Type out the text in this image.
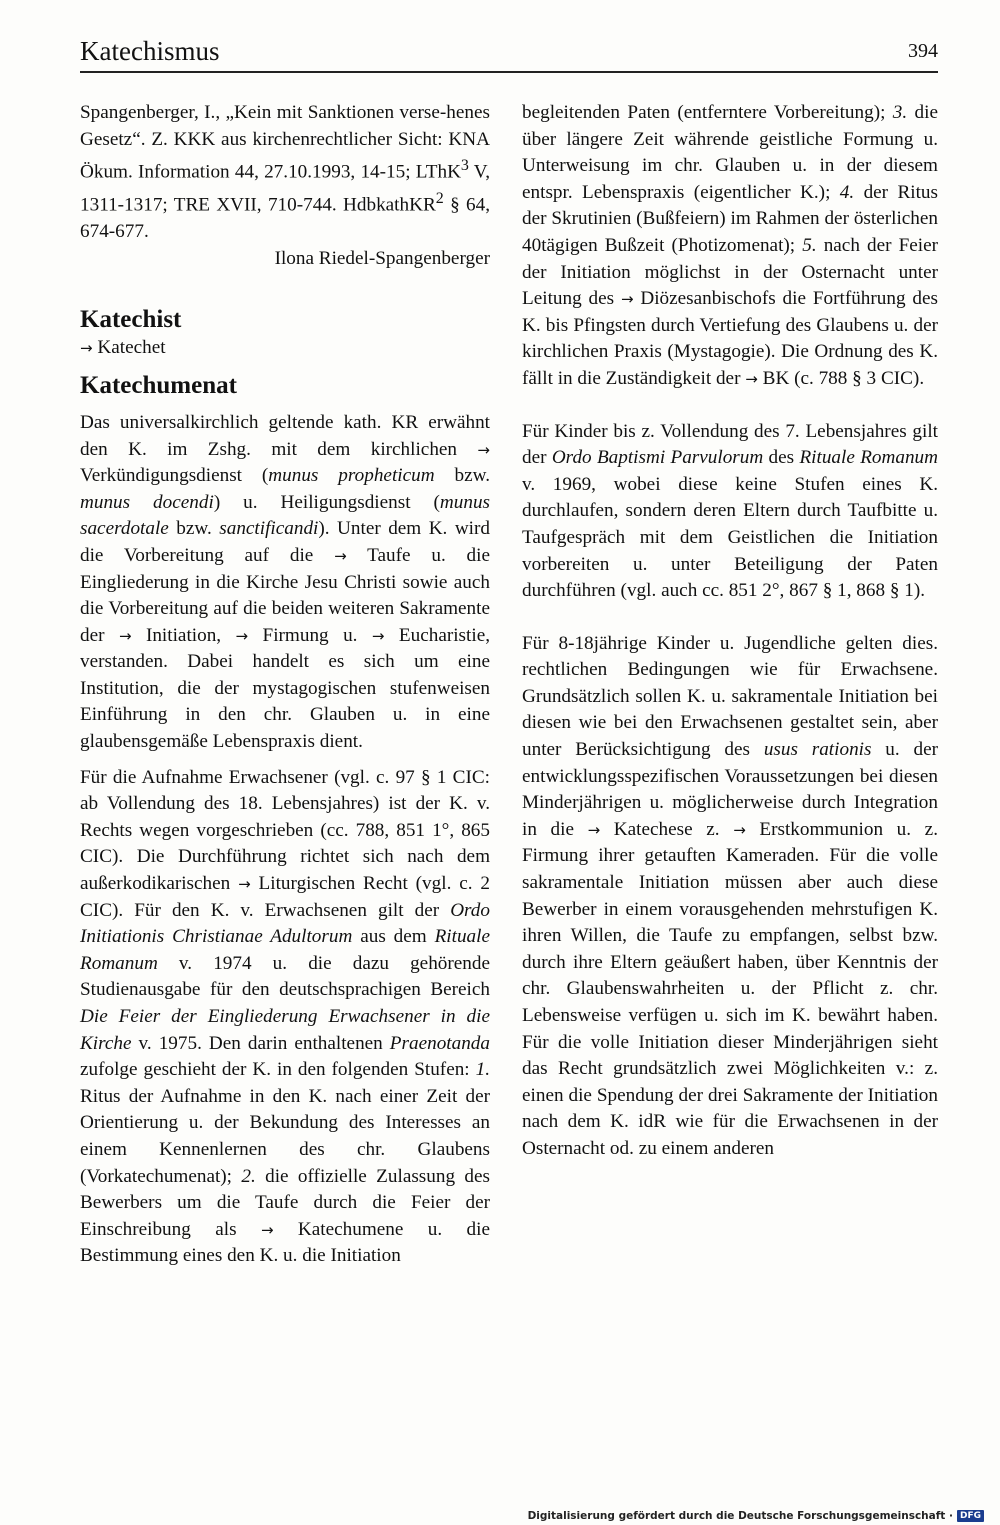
Katechismus	394

Spangenberger, I., „Kein mit Sanktionen verse-henes Gesetz“. Z. KKK aus kirchenrechtlicher Sicht: KNA Ökum. Information 44, 27.10.1993, 14-15; LThK$^3$ V, 1311-1317; TRE XVII, 710-744. HdbkathKR$^2$ § 64, 674-677.

Ilona Riedel-Spangenberger

Katechist

→ Katechet

Katechumenat

Das universalkirchlich geltende kath. KR erwähnt den K. im Zshg. mit dem kirchlichen → Verkündigungsdienst (munus propheticum bzw. munus docendi) u. Heiligungsdienst (munus sacerdotale bzw. sanctificandi). Unter dem K. wird die Vorbereitung auf die → Taufe u. die Eingliederung in die Kirche Jesu Christi sowie auch die Vorbereitung auf die beiden weiteren Sakramente der → Initiation, → Firmung u. → Eucharistie, verstanden. Dabei handelt es sich um eine Institution, die der mystagogischen stufenweisen Einführung in den chr. Glauben u. in eine glaubensgemäße Lebenspraxis dient.

Für die Aufnahme Erwachsener (vgl. c. 97 § 1 CIC: ab Vollendung des 18. Lebensjahres) ist der K. v. Rechts wegen vorgeschrieben (cc. 788, 851 1°, 865 CIC). Die Durchführung richtet sich nach dem außerkodikarischen → Liturgischen Recht (vgl. c. 2 CIC). Für den K. v. Erwachsenen gilt der Ordo Initiationis Christianae Adultorum aus dem Rituale Romanum v. 1974 u. die dazu gehörende Studienausgabe für den deutschsprachigen Bereich Die Feier der Eingliederung Erwachsener in die Kirche v. 1975. Den darin enthaltenen Praenotanda zufolge geschieht der K. in den folgenden Stufen: 1. Ritus der Aufnahme in den K. nach einer Zeit der Orientierung u. der Bekundung des Interesses an einem Kennenlernen des chr. Glaubens (Vorkatechumenat); 2. die offizielle Zulassung des Bewerbers um die Taufe durch die Feier der Einschreibung als → Katechumene u. die Bestimmung eines den K. u. die Initiation

begleitenden Paten (entferntere Vorbereitung); 3. die über längere Zeit währende geistliche Formung u. Unterweisung im chr. Glauben u. in der diesem entspr. Lebenspraxis (eigentlicher K.); 4. der Ritus der Skrutinien (Bußfeiern) im Rahmen der österlichen 40tägigen Bußzeit (Photizomenat); 5. nach der Feier der Initiation möglichst in der Osternacht unter Leitung des → Diözesanbischofs die Fortführung des K. bis Pfingsten durch Vertiefung des Glaubens u. der kirchlichen Praxis (Mystagogie). Die Ordnung des K. fällt in die Zuständigkeit der → BK (c. 788 § 3 CIC).

Für Kinder bis z. Vollendung des 7. Lebensjahres gilt der Ordo Baptismi Parvulorum des Rituale Romanum v. 1969, wobei diese keine Stufen eines K. durchlaufen, sondern deren Eltern durch Taufbitte u. Taufgespräch mit dem Geistlichen die Initiation vorbereiten u. unter Beteiligung der Paten durchführen (vgl. auch cc. 851 2°, 867 § 1, 868 § 1).

Für 8-18jährige Kinder u. Jugendliche gelten dies. rechtlichen Bedingungen wie für Erwachsene. Grundsätzlich sollen K. u. sakramentale Initiation bei diesen wie bei den Erwachsenen gestaltet sein, aber unter Berücksichtigung des usus rationis u. der entwicklungsspezifischen Voraussetzungen bei diesen Minderjährigen u. möglicherweise durch Integration in die → Katechese z. → Erstkommunion u. z. Firmung ihrer getauften Kameraden. Für die volle sakramentale Initiation müssen aber auch diese Bewerber in einem vorausgehenden mehrstufigen K. ihren Willen, die Taufe zu empfangen, selbst bzw. durch ihre Eltern geäußert haben, über Kenntnis der chr. Glaubenswahrheiten u. der Pflicht z. chr. Lebensweise verfügen u. sich im K. bewährt haben. Für die volle Initiation dieser Minderjährigen sieht das Recht grundsätzlich zwei Möglichkeiten v.: z. einen die Spendung der drei Sakramente der Initiation nach dem K. idR wie für die Erwachsenen in der Osternacht od. zu einem anderen

Digitalisierung gefördert durch die Deutsche Forschungsgemeinschaft · DFG
